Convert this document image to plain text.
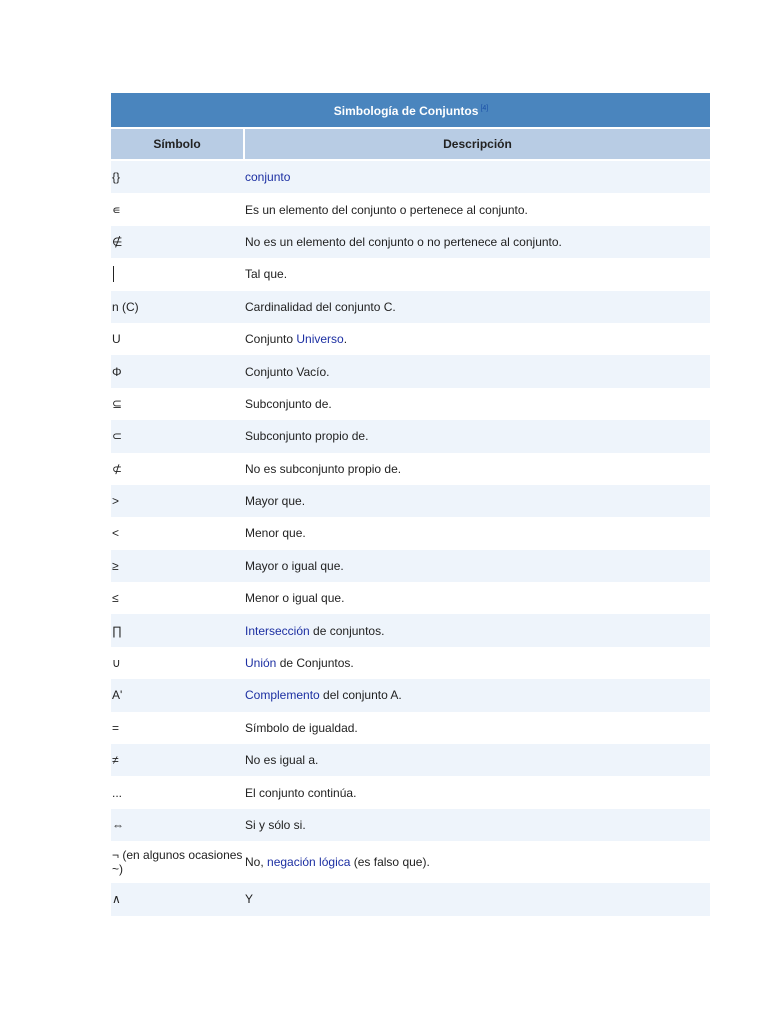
Simbología de Conjuntos [4]
Símbolo	Descripción

{}	conjunto
∊	Es un elemento del conjunto o pertenece al conjunto.
∉	No es un elemento del conjunto o no pertenece al conjunto.

	Tal que.
n (C)	Cardinalidad del conjunto C.
U	Conjunto Universo.
Φ	Conjunto Vacío.
⊆	Subconjunto de.
⊂	Subconjunto propio de.
⊄	No es subconjunto propio de.
>	Mayor que.
<	Menor que.
≥	Mayor o igual que.
≤	Menor o igual que.
∏	Intersección de conjuntos.
∪	Unión de Conjuntos.
A'	Complemento del conjunto A.
=	Símbolo de igualdad.
≠	No es igual a.
...	El conjunto continúa.
⇔	Si y sólo si.
¬ (en algunos ocasiones ~)	No, negación lógica (es falso que).
∧	Y
